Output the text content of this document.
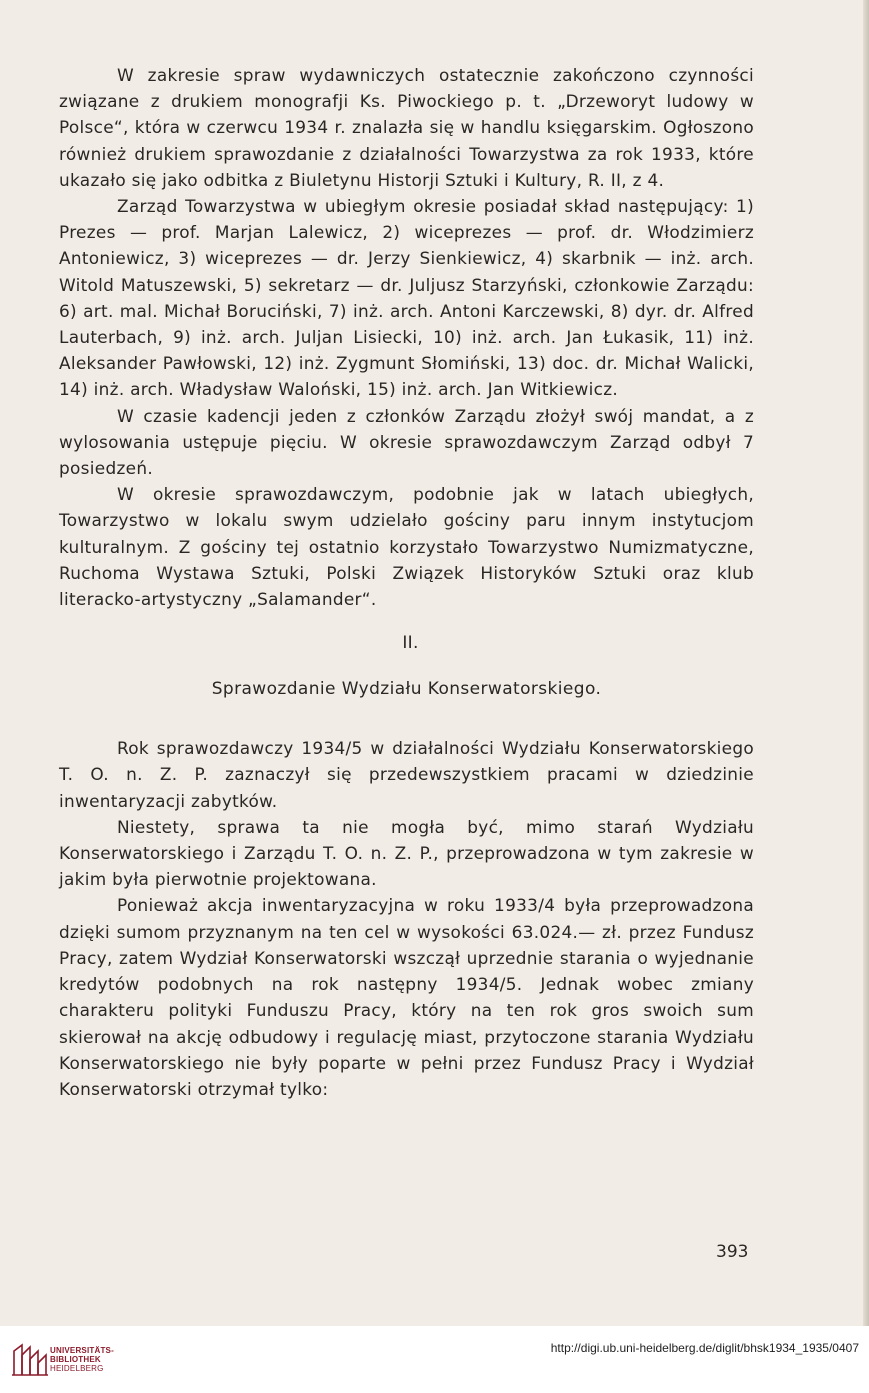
W zakresie spraw wydawniczych ostatecznie zakończono czynności związane z drukiem monografji Ks. Piwockiego p. t. „Drzeworyt ludowy w Polsce“, która w czerwcu 1934 r. znalazła się w handlu księgarskim. Ogłoszono również drukiem sprawozdanie z działalności Towarzystwa za rok 1933, które ukazało się jako odbitka z Biuletynu Historji Sztuki i Kultury, R. II, z 4.

Zarząd Towarzystwa w ubiegłym okresie posiadał skład następujący: 1) Prezes — prof. Marjan Lalewicz, 2) wiceprezes — prof. dr. Włodzimierz Antoniewicz, 3) wiceprezes — dr. Jerzy Sienkiewicz, 4) skarbnik — inż. arch. Witold Matuszewski, 5) sekretarz — dr. Juljusz Starzyński, członkowie Zarządu: 6) art. mal. Michał Boruciński, 7) inż. arch. Antoni Karczewski, 8) dyr. dr. Alfred Lauterbach, 9) inż. arch. Juljan Lisiecki, 10) inż. arch. Jan Łukasik, 11) inż. Aleksander Pawłowski, 12) inż. Zygmunt Słomiński, 13) doc. dr. Michał Walicki, 14) inż. arch. Władysław Waloński, 15) inż. arch. Jan Witkiewicz.

W czasie kadencji jeden z członków Zarządu złożył swój mandat, a z wylosowania ustępuje pięciu. W okresie sprawozdawczym Zarząd odbył 7 posiedzeń.

W okresie sprawozdawczym, podobnie jak w latach ubiegłych, Towarzystwo w lokalu swym udzielało gościny paru innym instytucjom kulturalnym. Z gościny tej ostatnio korzystało Towarzystwo Numizmatyczne, Ruchoma Wystawa Sztuki, Polski Związek Historyków Sztuki oraz klub literacko-artystyczny „Salamander“.

II.
Sprawozdanie Wydziału Konserwatorskiego.

Rok sprawozdawczy 1934/5 w działalności Wydziału Konserwatorskiego T. O. n. Z. P. zaznaczył się przedewszystkiem pracami w dziedzinie inwentaryzacji zabytków.

Niestety, sprawa ta nie mogła być, mimo starań Wydziału Konserwatorskiego i Zarządu T. O. n. Z. P., przeprowadzona w tym zakresie w jakim była pierwotnie projektowana.

Ponieważ akcja inwentaryzacyjna w roku 1933/4 była przeprowadzona dzięki sumom przyznanym na ten cel w wysokości 63.024.— zł. przez Fundusz Pracy, zatem Wydział Konserwatorski wszczął uprzednie starania o wyjednanie kredytów podobnych na rok następny 1934/5. Jednak wobec zmiany charakteru polityki Funduszu Pracy, który na ten rok gros swoich sum skierował na akcję odbudowy i regulację miast, przytoczone starania Wydziału Konserwatorskiego nie były poparte w pełni przez Fundusz Pracy i Wydział Konserwatorski otrzymał tylko:

393
UNIVERSITÄTS-
BIBLIOTHEK
HEIDELBERG
http://digi.ub.uni-heidelberg.de/diglit/bhsk1934_1935/0407
